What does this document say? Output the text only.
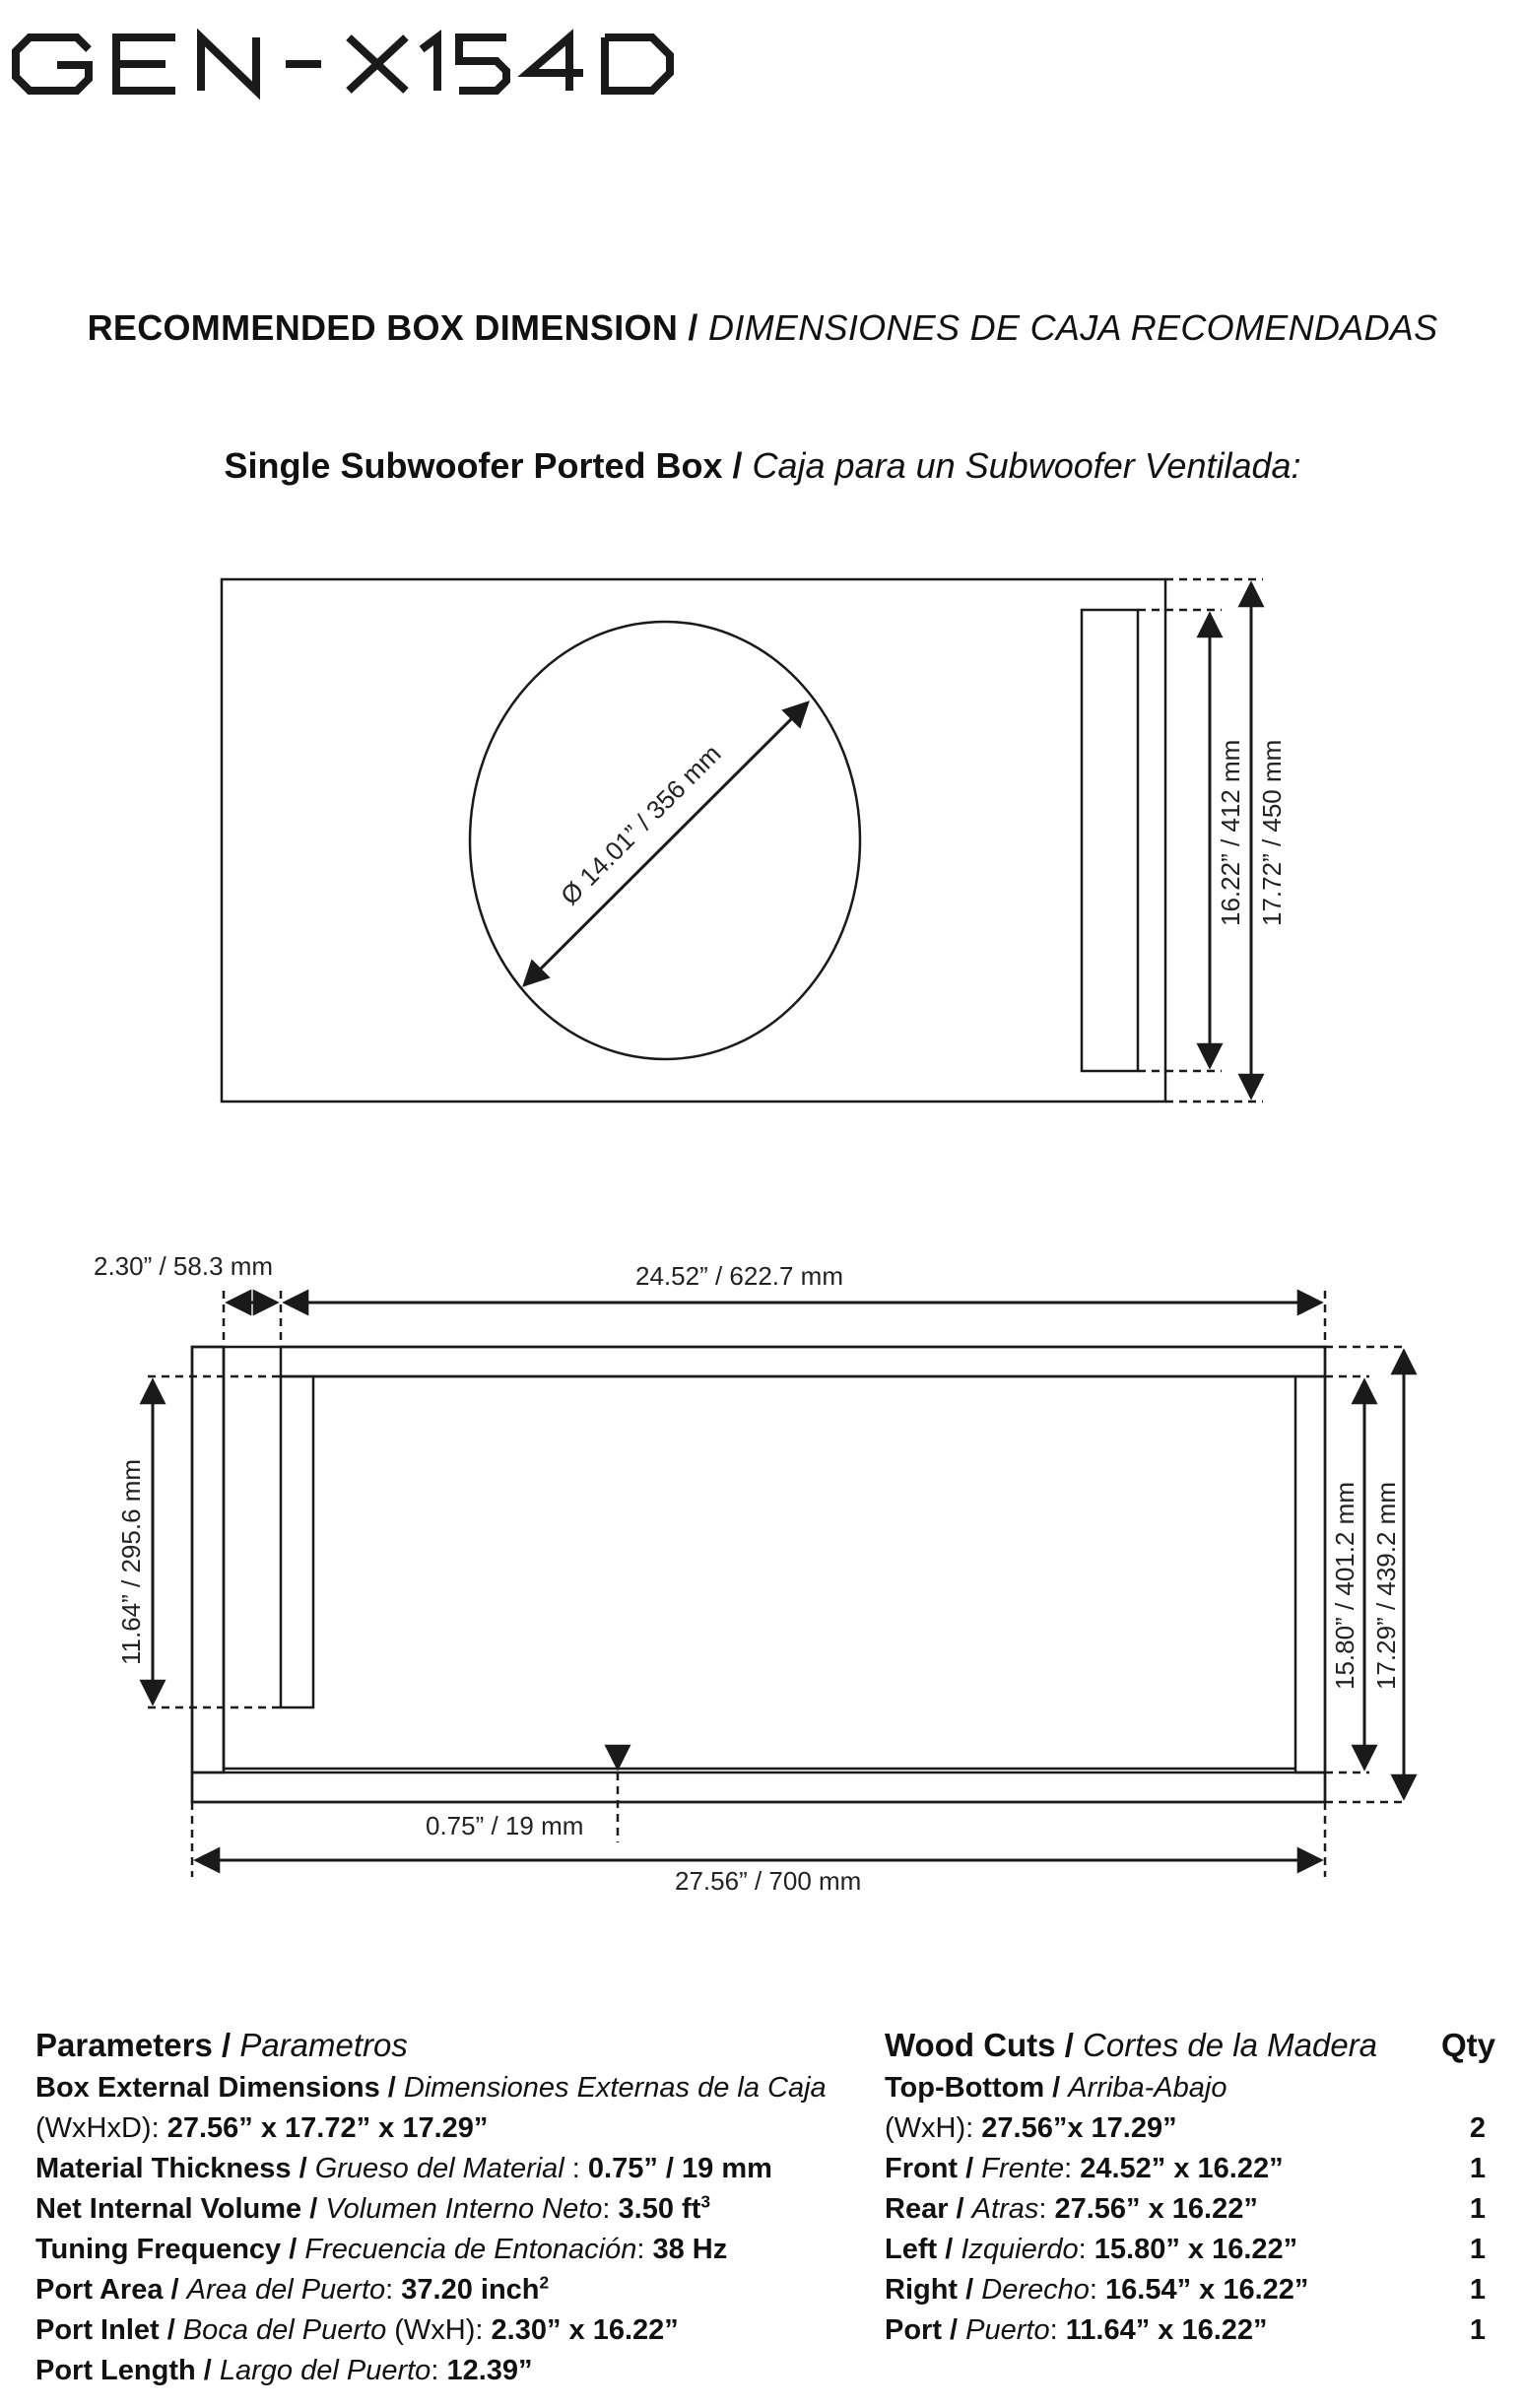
RECOMMENDED BOX DIMENSION / DIMENSIONES DE CAJA RECOMENDADAS
Single Subwoofer Ported Box / Caja para un Subwoofer Ventilada:
Ø 14.01” / 356 mm	16.22” / 412 mm 17.72” / 450 mm
2.30” / 58.3 mm	24.52” / 622.7 mm
11.64” / 295.6 mm	15.80” / 401.2 mm 17.29” / 439.2 mm
0.75” / 19 mm
27.56” / 700 mm
Parameters / Parametros
Box External Dimensions / Dimensiones Externas de la Caja
(WxHxD): 27.56” x 17.72” x 17.29”
Material Thickness / Grueso del Material : 0.75” / 19 mm
Net Internal Volume / Volumen Interno Neto: 3.50 $ft^3$
Tuning Frequency / Frecuencia de Entonación: 38 Hz
Port Area / Area del Puerto: 37.20 inch$^2$
Port Inlet / Boca del Puerto (WxH): 2.30” x 16.22”
Port Length / Largo del Puerto: 12.39”
Wood Cuts / Cortes de la Madera	Qty
Top-Bottom / Arriba-Abajo
(WxH): 27.56”x 17.29”	2
Front / Frente: 24.52” x 16.22”	1
Rear / Atras: 27.56” x 16.22”	1
Left / Izquierdo: 15.80” x 16.22”	1
Right / Derecho: 16.54” x 16.22”	1
Port / Puerto: 11.64” x 16.22”	1
